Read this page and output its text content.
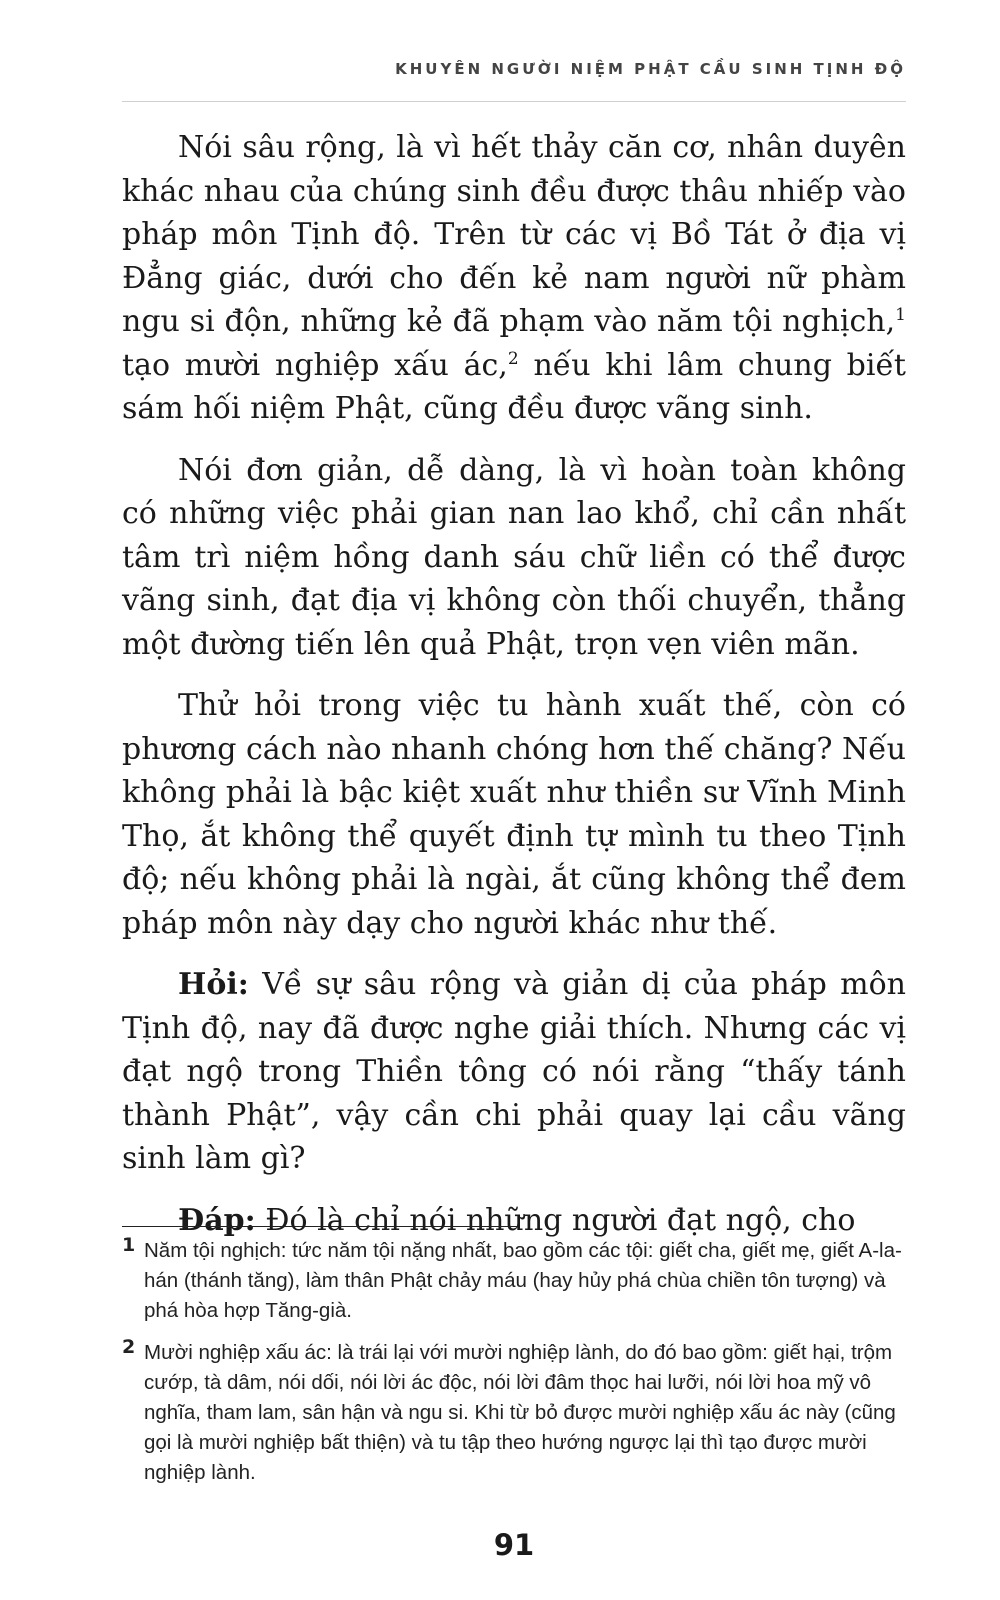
KHUYÊN NGƯỜI NIỆM PHẬT CẦU SINH TỊNH ĐỘ

Nói sâu rộng, là vì hết thảy căn cơ, nhân duyên khác nhau của chúng sinh đều được thâu nhiếp vào pháp môn Tịnh độ. Trên từ các vị Bồ Tát ở địa vị Đẳng giác, dưới cho đến kẻ nam người nữ phàm ngu si độn, những kẻ đã phạm vào năm tội nghịch,$^1$ tạo mười nghiệp xấu ác,$^2$ nếu khi lâm chung biết sám hối niệm Phật, cũng đều được vãng sinh.

Nói đơn giản, dễ dàng, là vì hoàn toàn không có những việc phải gian nan lao khổ, chỉ cần nhất tâm trì niệm hồng danh sáu chữ liền có thể được vãng sinh, đạt địa vị không còn thối chuyển, thẳng một đường tiến lên quả Phật, trọn vẹn viên mãn.

Thử hỏi trong việc tu hành xuất thế, còn có phương cách nào nhanh chóng hơn thế chăng? Nếu không phải là bậc kiệt xuất như thiền sư Vĩnh Minh Thọ, ắt không thể quyết định tự mình tu theo Tịnh độ; nếu không phải là ngài, ắt cũng không thể đem pháp môn này dạy cho người khác như thế.

Hỏi: Về sự sâu rộng và giản dị của pháp môn Tịnh độ, nay đã được nghe giải thích. Nhưng các vị đạt ngộ trong Thiền tông có nói rằng “thấy tánh thành Phật”, vậy cần chi phải quay lại cầu vãng sinh làm gì?

Đáp: Đó là chỉ nói những người đạt ngộ, cho

1 Năm tội nghịch: tức năm tội nặng nhất, bao gồm các tội: giết cha, giết mẹ, giết A-la-hán (thánh tăng), làm thân Phật chảy máu (hay hủy phá chùa chiền tôn tượng) và phá hòa hợp Tăng-già.
2 Mười nghiệp xấu ác: là trái lại với mười nghiệp lành, do đó bao gồm: giết hại, trộm cướp, tà dâm, nói dối, nói lời ác độc, nói lời đâm thọc hai lưỡi, nói lời hoa mỹ vô nghĩa, tham lam, sân hận và ngu si. Khi từ bỏ được mười nghiệp xấu ác này (cũng gọi là mười nghiệp bất thiện) và tu tập theo hướng ngược lại thì tạo được mười nghiệp lành.
91
